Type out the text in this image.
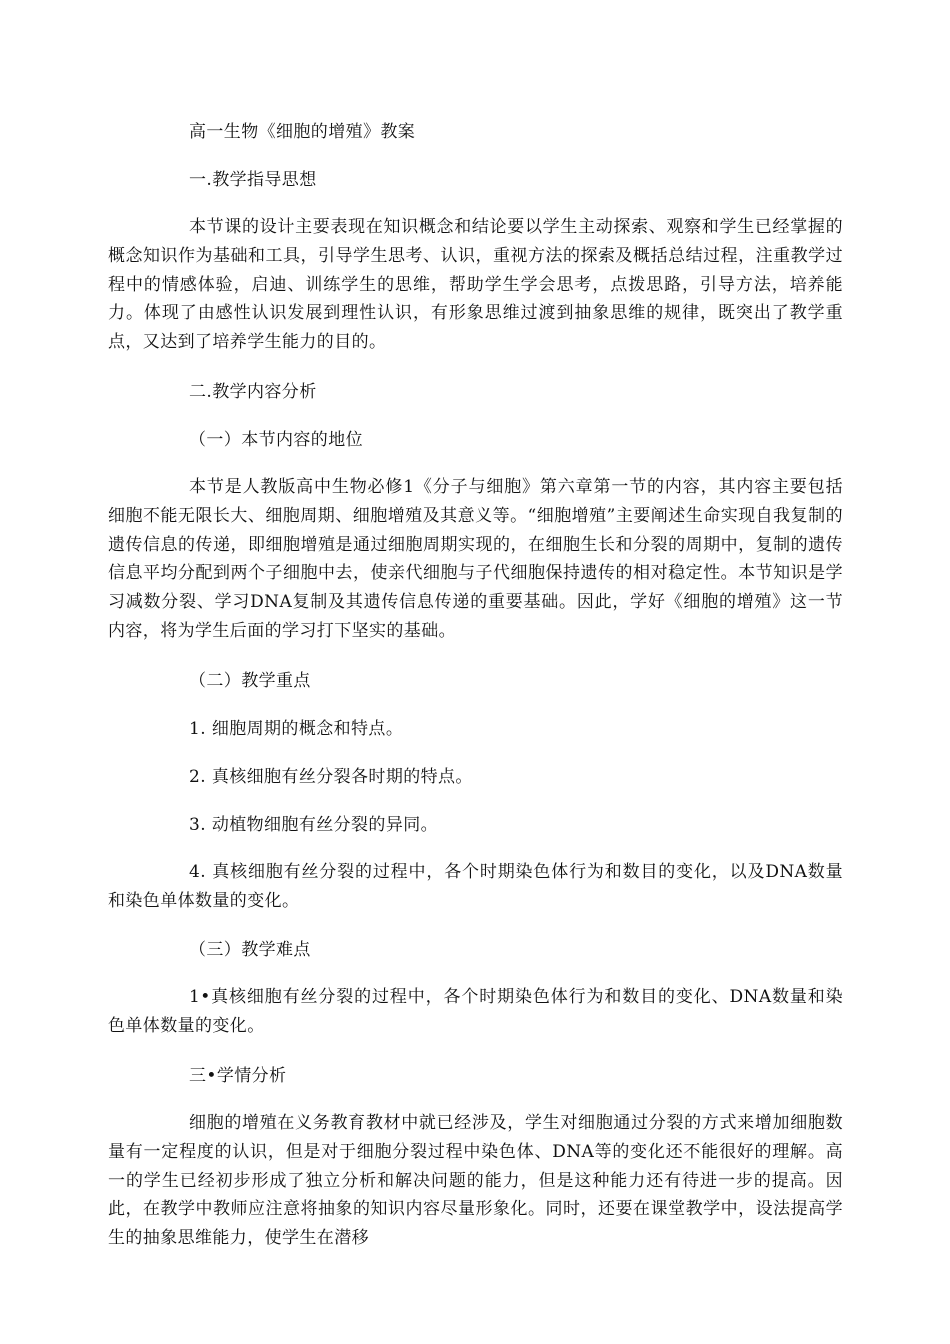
高一生物《细胞的增殖》教案

一.教学指导思想

本节课的设计主要表现在知识概念和结论要以学生主动探索、观察和学生已经掌握的概念知识作为基础和工具，引导学生思考、认识，重视方法的探索及概括总结过程，注重教学过程中的情感体验，启迪、训练学生的思维，帮助学生学会思考，点拨思路，引导方法，培养能力。体现了由感性认识发展到理性认识，有形象思维过渡到抽象思维的规律，既突出了教学重点，又达到了培养学生能力的目的。

二.教学内容分析

（一）本节内容的地位

本节是人教版高中生物必修1《分子与细胞》第六章第一节的内容，其内容主要包括细胞不能无限长大、细胞周期、细胞增殖及其意义等。“细胞增殖”主要阐述生命实现自我复制的遗传信息的传递，即细胞增殖是通过细胞周期实现的，在细胞生长和分裂的周期中，复制的遗传信息平均分配到两个子细胞中去，使亲代细胞与子代细胞保持遗传的相对稳定性。本节知识是学习减数分裂、学习DNA复制及其遗传信息传递的重要基础。因此，学好《细胞的增殖》这一节内容，将为学生后面的学习打下坚实的基础。

（二）教学重点

1. 细胞周期的概念和特点。

2. 真核细胞有丝分裂各时期的特点。

3. 动植物细胞有丝分裂的异同。

4. 真核细胞有丝分裂的过程中，各个时期染色体行为和数目的变化，以及DNA数量和染色单体数量的变化。

（三）教学难点

1•真核细胞有丝分裂的过程中，各个时期染色体行为和数目的变化、DNA数量和染色单体数量的变化。

三•学情分析

细胞的增殖在义务教育教材中就已经涉及，学生对细胞通过分裂的方式来增加细胞数量有一定程度的认识，但是对于细胞分裂过程中染色体、DNA等的变化还不能很好的理解。高一的学生已经初步形成了独立分析和解决问题的能力，但是这种能力还有待进一步的提高。因此，在教学中教师应注意将抽象的知识内容尽量形象化。同时，还要在课堂教学中，设法提高学生的抽象思维能力，使学生在潜移
